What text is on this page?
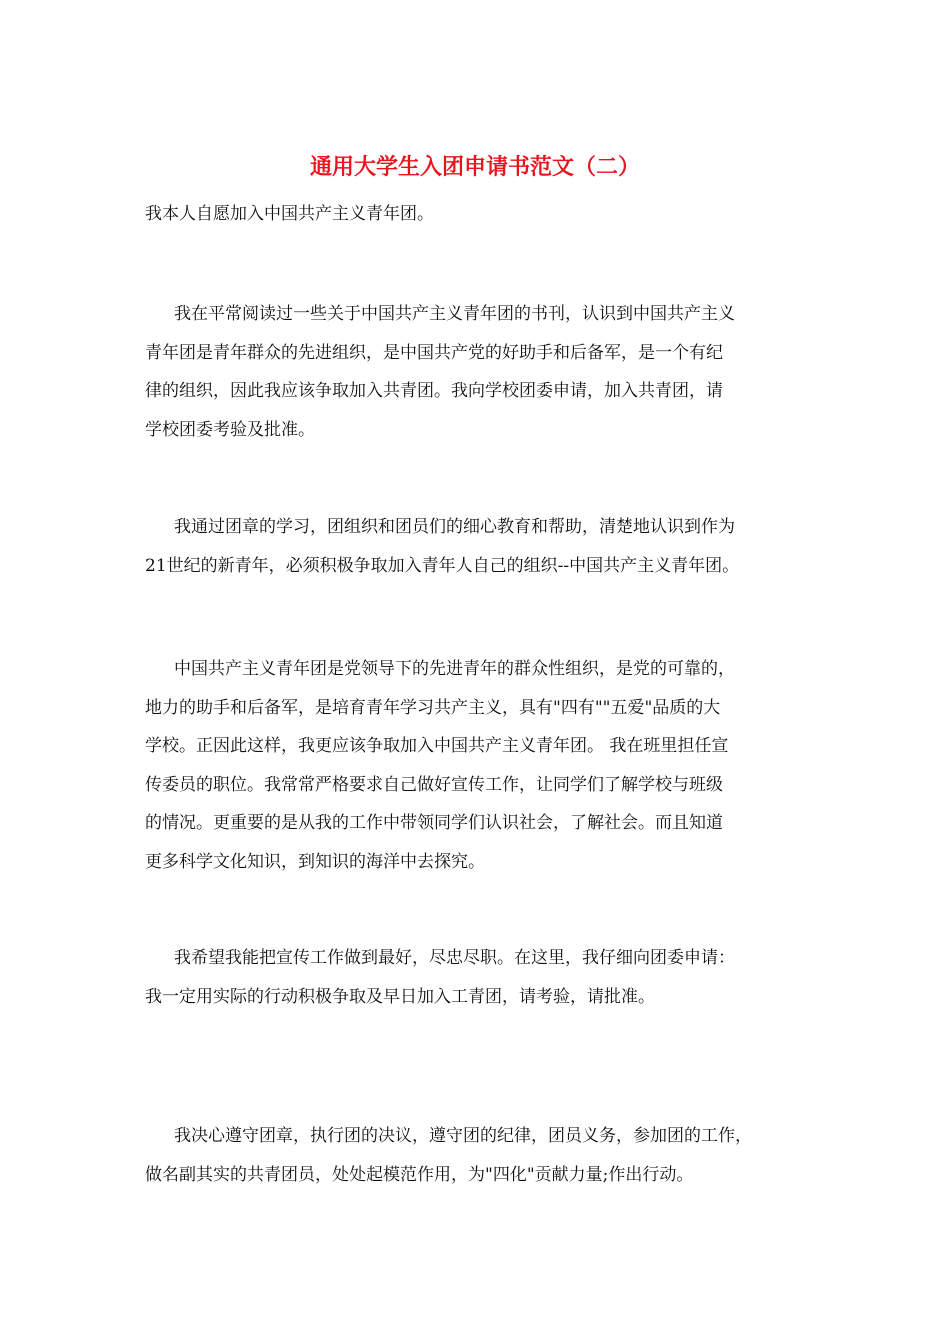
通用大学生入团申请书范文（二）
我本人自愿加入中国共产主义青年团。
我在平常阅读过一些关于中国共产主义青年团的书刊，认识到中国共产主义
青年团是青年群众的先进组织，是中国共产党的好助手和后备军，是一个有纪
律的组织，因此我应该争取加入共青团。我向学校团委申请，加入共青团，请
学校团委考验及批准。
我通过团章的学习，团组织和团员们的细心教育和帮助，清楚地认识到作为
21世纪的新青年，必须积极争取加入青年人自己的组织--中国共产主义青年团。
中国共产主义青年团是党领导下的先进青年的群众性组织，是党的可靠的，
地力的助手和后备军，是培育青年学习共产主义，具有"四有""五爱"品质的大
学校。正因此这样，我更应该争取加入中国共产主义青年团。 我在班里担任宣
传委员的职位。我常常严格要求自己做好宣传工作，让同学们了解学校与班级
的情况。更重要的是从我的工作中带领同学们认识社会，了解社会。而且知道
更多科学文化知识，到知识的海洋中去探究。
我希望我能把宣传工作做到最好，尽忠尽职。在这里，我仔细向团委申请：
我一定用实际的行动积极争取及早日加入工青团，请考验，请批准。
我决心遵守团章，执行团的决议，遵守团的纪律，团员义务，参加团的工作，
做名副其实的共青团员，处处起模范作用，为"四化"贡献力量;作出行动。
